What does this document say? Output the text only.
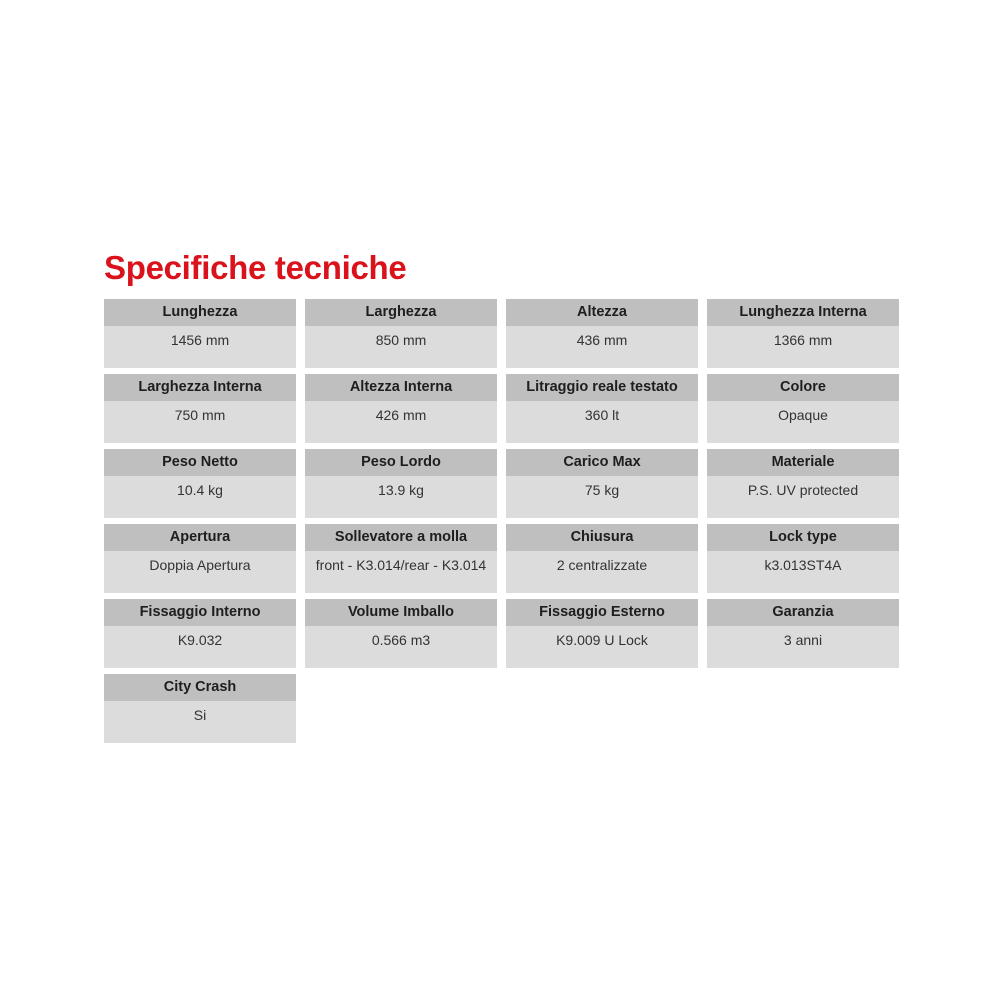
Specifiche tecniche
Lunghezza
1456 mm
Larghezza
850 mm
Altezza
436 mm
Lunghezza Interna
1366 mm
Larghezza Interna
750 mm
Altezza Interna
426 mm
Litraggio reale testato
360 lt
Colore
Opaque
Peso Netto
10.4 kg
Peso Lordo
13.9 kg
Carico Max
75 kg
Materiale
P.S. UV protected
Apertura
Doppia Apertura
Sollevatore a molla
front - K3.014/rear - K3.014
Chiusura
2 centralizzate
Lock type
k3.013ST4A
Fissaggio Interno
K9.032
Volume Imballo
0.566 m3
Fissaggio Esterno
K9.009 U Lock
Garanzia
3 anni
City Crash
Si
